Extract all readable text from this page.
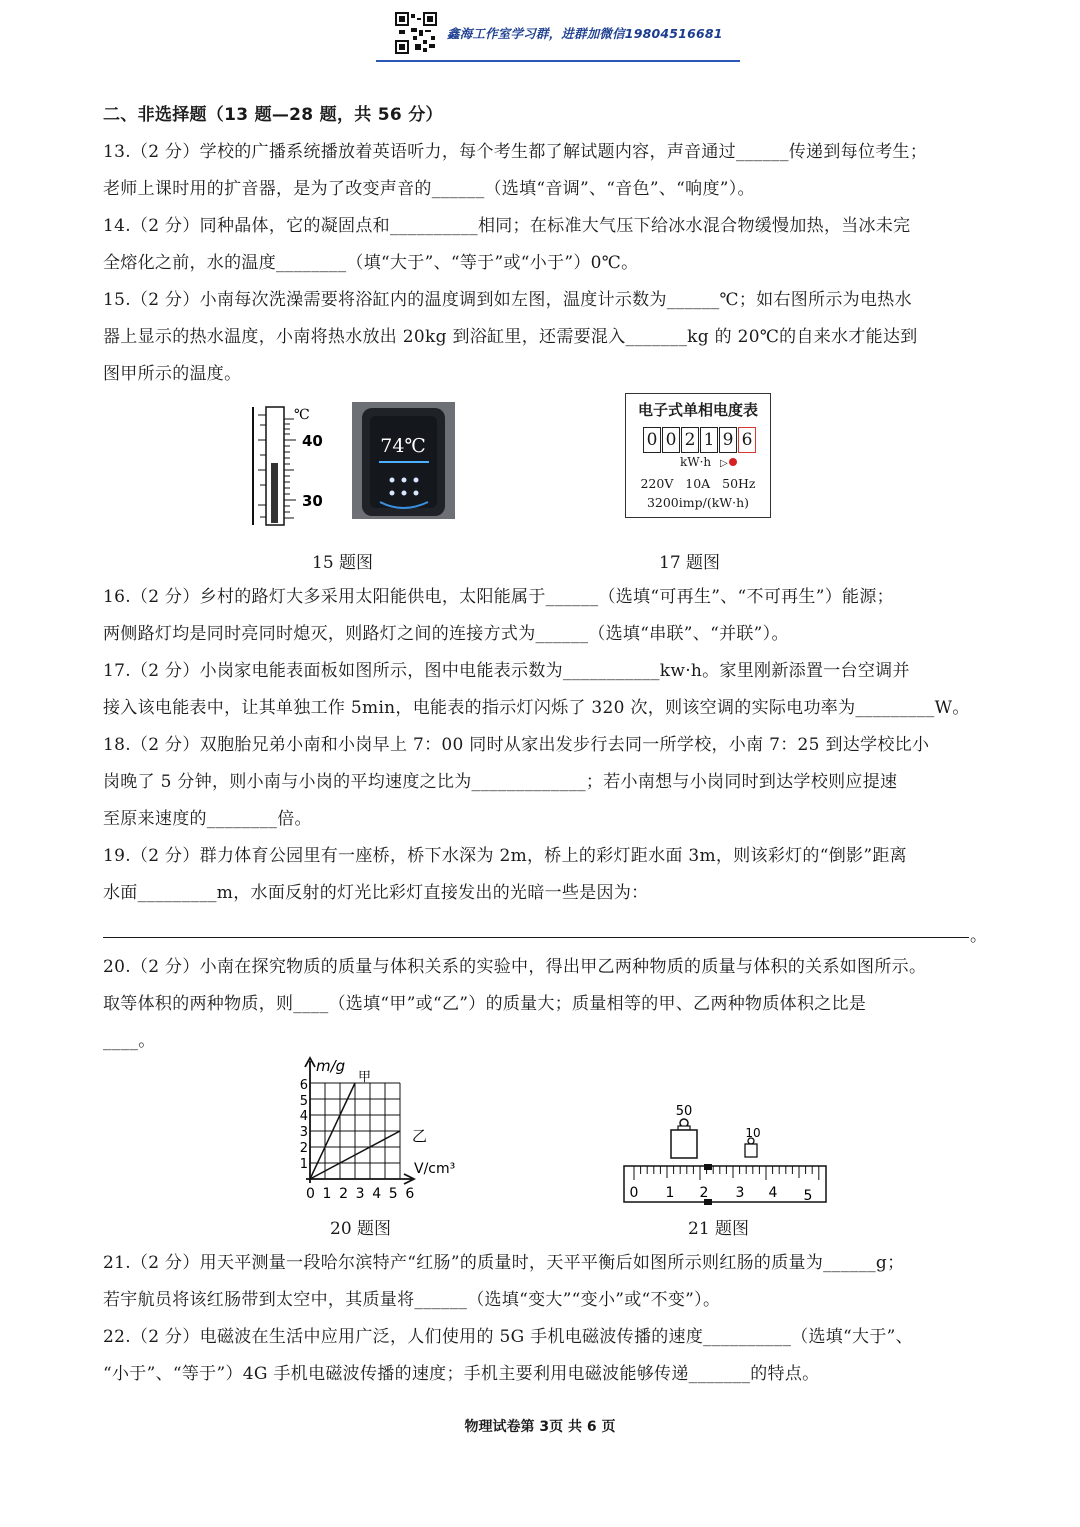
鑫海工作室学习群，进群加微信19804516681
二、非选择题（13 题—28 题，共 56 分）
13.（2 分）学校的广播系统播放着英语听力，每个考生都了解试题内容，声音通过______传递到每位考生；
老师上课时用的扩音器，是为了改变声音的______（选填“音调”、“音色”、“响度”）。
14.（2 分）同种晶体，它的凝固点和__________相同；在标准大气压下给冰水混合物缓慢加热，当冰未完
全熔化之前，水的温度________（填“大于”、“等于”或“小于”）0℃。
15.（2 分）小南每次洗澡需要将浴缸内的温度调到如左图，温度计示数为______℃；如右图所示为电热水
器上显示的热水温度，小南将热水放出 20kg 到浴缸里，还需要混入_______kg 的 20℃的自来水才能达到
图甲所示的温度。
℃
40
30
74℃
电子式单相电度表
0 0 2 1 9 6
kW·h ▷
220V   10A   50Hz
3200imp/(kW·h)
15 题图	17 题图
16.（2 分）乡村的路灯大多采用太阳能供电，太阳能属于______（选填“可再生”、“不可再生”）能源；
两侧路灯均是同时亮同时熄灭，则路灯之间的连接方式为______（选填“串联”、“并联”）。
17.（2 分）小岗家电能表面板如图所示，图中电能表示数为___________kw·h。家里刚新添置一台空调并
接入该电能表中，让其单独工作 5min，电能表的指示灯闪烁了 320 次，则该空调的实际电功率为_________W。
18.（2 分）双胞胎兄弟小南和小岗早上 7：00 同时从家出发步行去同一所学校，小南 7：25 到达学校比小
岗晚了 5 分钟，则小南与小岗的平均速度之比为_____________；若小南想与小岗同时到达学校则应提速
至原来速度的________倍。
19.（2 分）群力体育公园里有一座桥，桥下水深为 2m，桥上的彩灯距水面 3m，则该彩灯的“倒影”距离
水面_________m，水面反射的灯光比彩灯直接发出的光暗一些是因为：
。
20.（2 分）小南在探究物质的质量与体积关系的实验中，得出甲乙两种物质的质量与体积的关系如图所示。
取等体积的两种物质，则____（选填“甲”或“乙”）的质量大；质量相等的甲、乙两种物质体积之比是
____。
m/g
甲
乙
V/cm³
6
5
4
3
2
1
0 1 2 3 4 5 6
50
10
0 1 2 3 4 5
20 题图	21 题图
21.（2 分）用天平测量一段哈尔滨特产“红肠”的质量时，天平平衡后如图所示则红肠的质量为______g；
若宇航员将该红肠带到太空中，其质量将______（选填“变大”“变小”或“不变”）。
22.（2 分）电磁波在生活中应用广泛，人们使用的 5G 手机电磁波传播的速度__________（选填“大于”、
“小于”、“等于”）4G 手机电磁波传播的速度；手机主要利用电磁波能够传递_______的特点。
物理试卷第 3页 共 6 页
